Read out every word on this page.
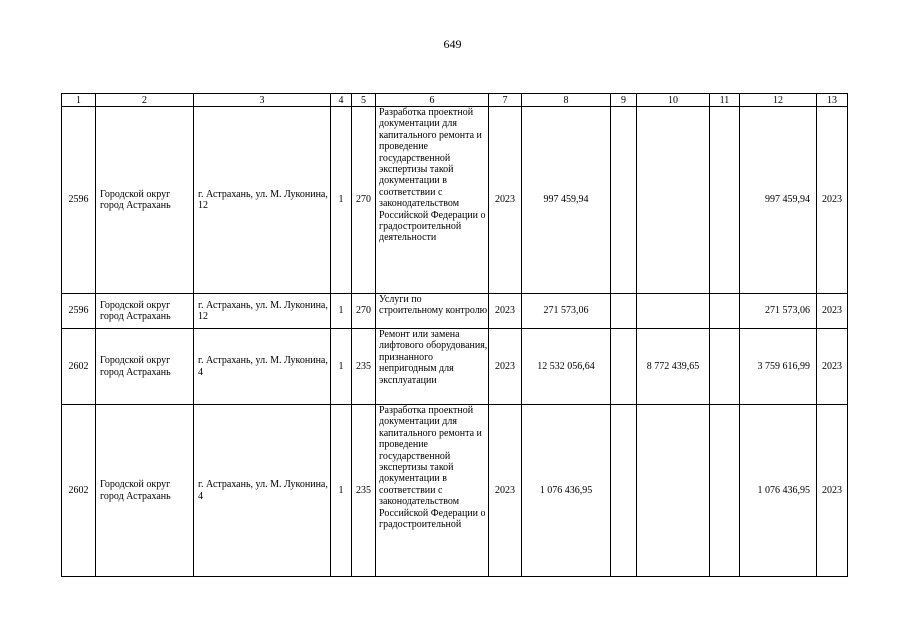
649
1	2	3	4	5	6	7	8	9	10	11	12	13
2596	Городской округ город Астрахань	г. Астрахань, ул. М. Луконина, 12	1	270	Разработка проектной документации для капитального ремонта и проведение государственной экспертизы такой документации в соответствии с законодательством Российской Федерации о градостроительной деятельности	2023	997 459,94				997 459,94	2023
2596	Городской округ город Астрахань	г. Астрахань, ул. М. Луконина, 12	1	270	Услуги по строительному контролю	2023	271 573,06				271 573,06	2023
2602	Городской округ город Астрахань	г. Астрахань, ул. М. Луконина, 4	1	235	Ремонт или замена лифтового оборудования, признанного непригодным для эксплуатации	2023	12 532 056,64		8 772 439,65		3 759 616,99	2023
2602	Городской округ город Астрахань	г. Астрахань, ул. М. Луконина, 4	1	235	Разработка проектной документации для капитального ремонта и проведение государственной экспертизы такой документации в соответствии с законодательством Российской Федерации о градостроительной	2023	1 076 436,95				1 076 436,95	2023
